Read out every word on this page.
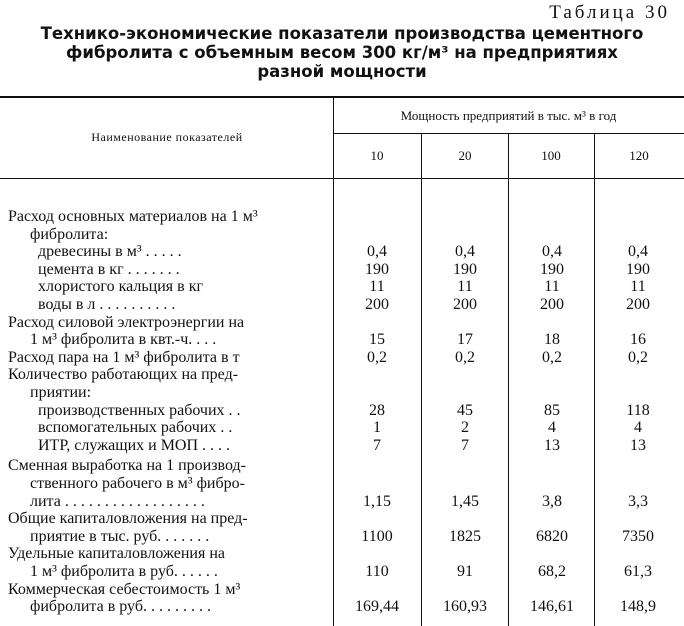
Таблица 30
Технико-экономические показатели производства цементного
фибролита с объемным весом 300 кг/м³ на предприятиях
разной мощности
Наименование показателей
Мощность предприятий в тыс. м³ в год
10	20	100	120
Расход основных материалов на 1 м³
фибролита:
древесины в м³ . . . . .	0,4	0,4	0,4	0,4
цемента в кг . . . . . . .	190	190	190	190
хлористого кальция в кг	11	11	11	11
воды в л . . . . . . . . . .	200	200	200	200
Расход силовой электроэнергии на
1 м³ фибролита в квт.-ч. . . .	15	17	18	16
Расход пара на 1 м³ фибролита в т	0,2	0,2	0,2	0,2
Количество работающих на пред-
приятии:
производственных рабочих . .	28	45	85	118
вспомогательных рабочих . .	1	2	4	4
ИТР, служащих и МОП . . . .	7	7	13	13
Сменная выработка на 1 производ-
ственного рабочего в м³ фибро-
лита . . . . . . . . . . . . . . . . . .	1,15	1,45	3,8	3,3
Общие капиталовложения на пред-
приятие в тыс. руб. . . . . . .	1100	1825	6820	7350
Удельные капиталовложения на
1 м³ фибролита в руб. . . . . .	110	91	68,2	61,3
Коммерческая себестоимость 1 м³
фибролита в руб. . . . . . . . .	169,44	160,93	146,61	148,9
